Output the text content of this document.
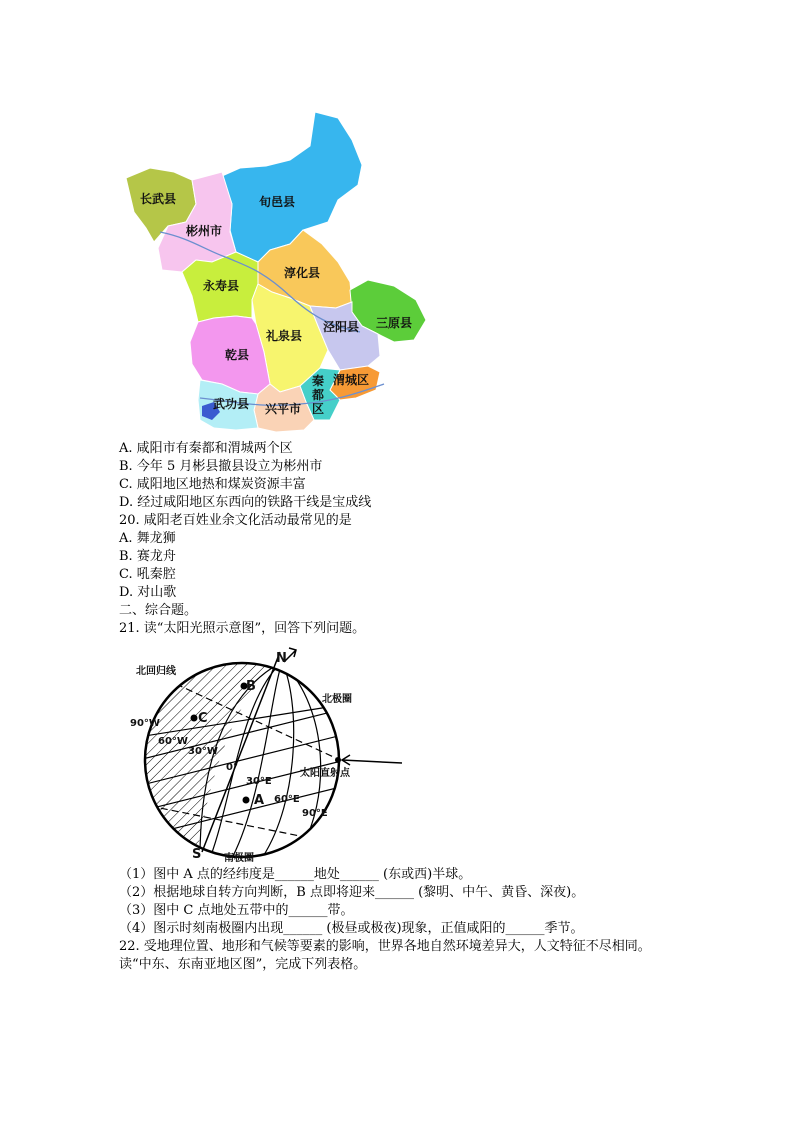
长武县	旬邑县
彬州市
淳化县
永寿县
三原县
泾阳县
礼泉县
乾县
秦
都
区
渭城区
武功县 兴平市
A. 咸阳市有秦都和渭城两个区
B. 今年 5 月彬县撤县设立为彬州市
C. 咸阳地区地热和煤炭资源丰富
D. 经过咸阳地区东西向的铁路干线是宝成线
20. 咸阳老百姓业余文化活动最常见的是
A. 舞龙狮
B. 赛龙舟
C. 吼秦腔
D. 对山歌
二、综合题。
21. 读“太阳光照示意图”，回答下列问题。
N
S
北回归线
北极圈
南极圈
太阳直射点
90°W
60°W
30°W
0°
30°E
60°E
90°E
A
B
C
（1）图中 A 点的经纬度是______地处______ (东或西)半球。
（2）根据地球自转方向判断，B 点即将迎来______ (黎明、中午、黄昏、深夜)。
（3）图中 C 点地处五带中的______带。
（4）图示时刻南极圈内出现______ (极昼或极夜)现象，正值咸阳的______季节。
22. 受地理位置、地形和气候等要素的影响，世界各地自然环境差异大，人文特征不尽相同。读“中东、东南亚地区图”，完成下列表格。
